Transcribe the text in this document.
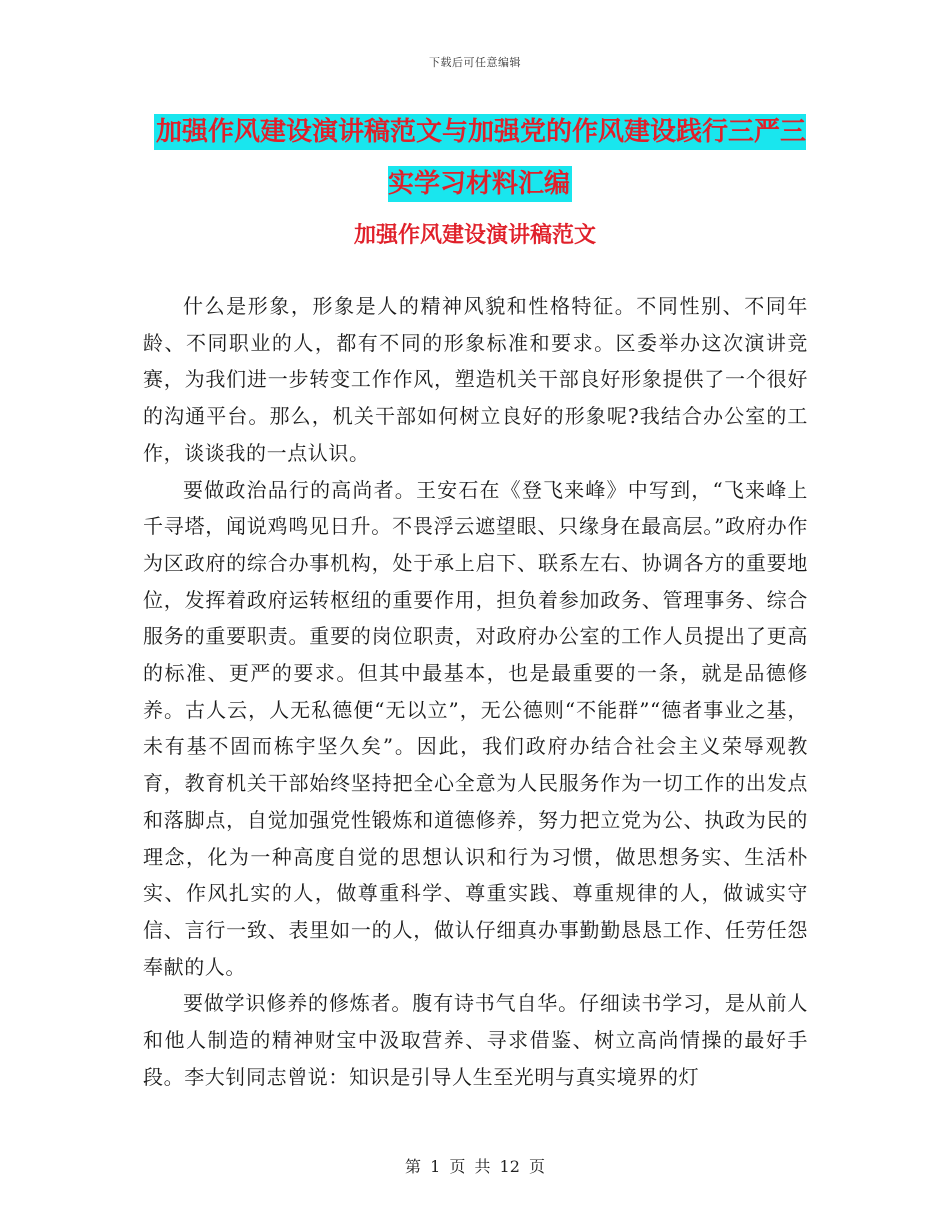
下载后可任意编辑
加强作风建设演讲稿范文与加强党的作风建设践行三严三实学习材料汇编
加强作风建设演讲稿范文

什么是形象，形象是人的精神风貌和性格特征。不同性别、不同年龄、不同职业的人，都有不同的形象标准和要求。区委举办这次演讲竞赛，为我们进一步转变工作作风，塑造机关干部良好形象提供了一个很好的沟通平台。那么，机关干部如何树立良好的形象呢?我结合办公室的工作，谈谈我的一点认识。

要做政治品行的高尚者。王安石在《登飞来峰》中写到，“飞来峰上千寻塔，闻说鸡鸣见日升。不畏浮云遮望眼、只缘身在最高层。”政府办作为区政府的综合办事机构，处于承上启下、联系左右、协调各方的重要地位，发挥着政府运转枢纽的重要作用，担负着参加政务、管理事务、综合服务的重要职责。重要的岗位职责，对政府办公室的工作人员提出了更高的标准、更严的要求。但其中最基本，也是最重要的一条，就是品德修养。古人云，人无私德便“无以立”，无公德则“不能群”“德者事业之基，未有基不固而栋宇坚久矣”。因此，我们政府办结合社会主义荣辱观教育，教育机关干部始终坚持把全心全意为人民服务作为一切工作的出发点和落脚点，自觉加强党性锻炼和道德修养，努力把立党为公、执政为民的理念，化为一种高度自觉的思想认识和行为习惯，做思想务实、生活朴实、作风扎实的人，做尊重科学、尊重实践、尊重规律的人，做诚实守信、言行一致、表里如一的人，做认仔细真办事勤勤恳恳工作、任劳任怨奉献的人。

要做学识修养的修炼者。腹有诗书气自华。仔细读书学习，是从前人和他人制造的精神财宝中汲取营养、寻求借鉴、树立高尚情操的最好手段。李大钊同志曾说：知识是引导人生至光明与真实境界的灯

第 1 页 共 12 页
